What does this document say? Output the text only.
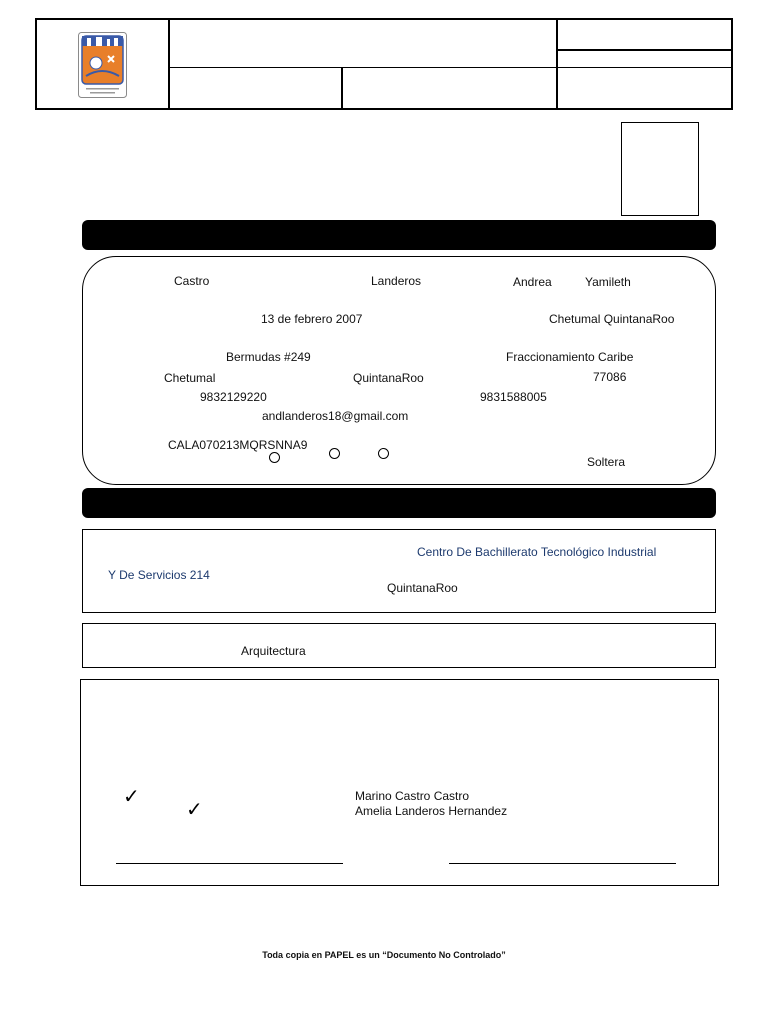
Castro	Landeros	Andrea	Yamileth
13 de febrero 2007	Chetumal QuintanaRoo
Bermudas #249	Fraccionamiento Caribe
Chetumal	QuintanaRoo	77086
9832129220	9831588005
andlanderos18@gmail.com
CALA070213MQRSNNA9
Soltera
Centro De Bachillerato Tecnológico Industrial
Y De Servicios 214
QuintanaRoo
Arquitectura
✓
✓
Marino Castro Castro
Amelia Landeros Hernandez
Toda copia en PAPEL es un “Documento No Controlado”
